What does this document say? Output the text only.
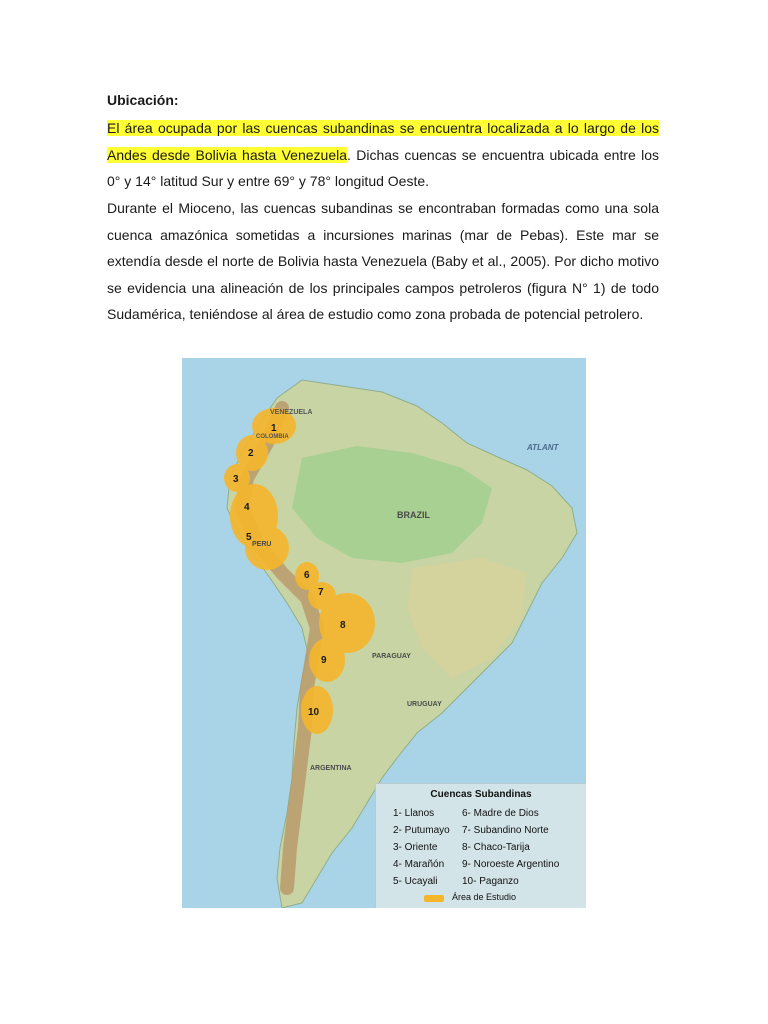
Ubicación:
El área ocupada por las cuencas subandinas se encuentra localizada a lo largo de los Andes desde Bolivia hasta Venezuela. Dichas cuencas se encuentra ubicada entre los 0° y 14° latitud Sur y entre 69° y 78° longitud Oeste.
Durante el Mioceno, las cuencas subandinas se encontraban formadas como una sola cuenca amazónica sometidas a incursiones marinas (mar de Pebas). Este mar se extendía desde el norte de Bolivia hasta Venezuela (Baby et al., 2005). Por dicho motivo se evidencia una alineación de los principales campos petroleros (figura N° 1) de todo Sudamérica, teniéndose al área de estudio como zona probada de potencial petrolero.
VENEZUELA
COLOMBIA
BRAZIL
PERU
PARAGUAY
URUGUAY
ARGENTINA
ATLANT
1
2
3
4
5
6
7
8
9
10
Cuencas Subandinas
1- Llanos
2- Putumayo
3- Oriente
4- Marañón
5- Ucayali
6- Madre de Dios
7- Subandino Norte
8- Chaco-Tarija
9- Noroeste Argentino
10- Paganzo
Área de Estudio
